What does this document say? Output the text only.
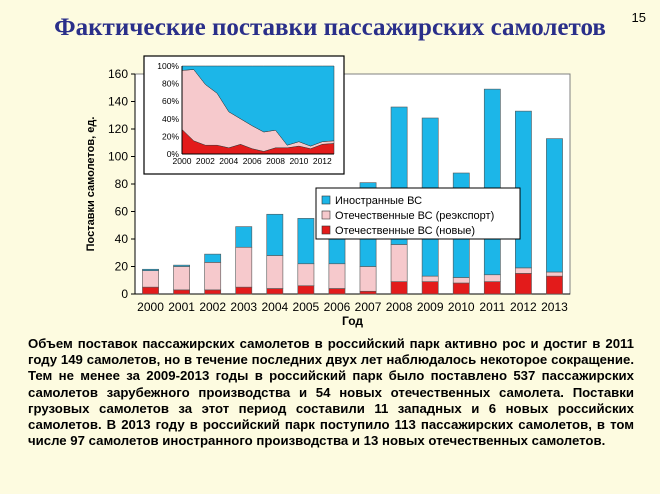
15
Фактические поставки пассажирских самолетов
0
20
40
60
80
100
120
140
160
Поставки самолетов, ед.
2000 2001 2002 2003 2004 2005 2006 2007 2008 2009 2010 2011 2012 2013
Год
Иностранные ВС
Отечественные ВС (реэкспорт)
Отечественные ВС (новые)
0%
20%
40%
60%
80%
100%
2000 2002 2004 2006 2008 2010 2012
Объем поставок пассажирских самолетов в российский парк активно рос и достиг в 2011 году 149 самолетов, но в течение последних двух лет наблюдалось некоторое сокращение. Тем не менее за 2009-2013 годы в российский парк было поставлено 537 пассажирских самолетов зарубежного производства и 54 новых отечественных самолета. Поставки грузовых самолетов за этот период составили 11 западных и 6 новых российских самолетов. В 2013 году в российский парк поступило 113 пассажирских самолетов, в том числе 97 самолетов иностранного производства и 13 новых отечественных самолетов.
